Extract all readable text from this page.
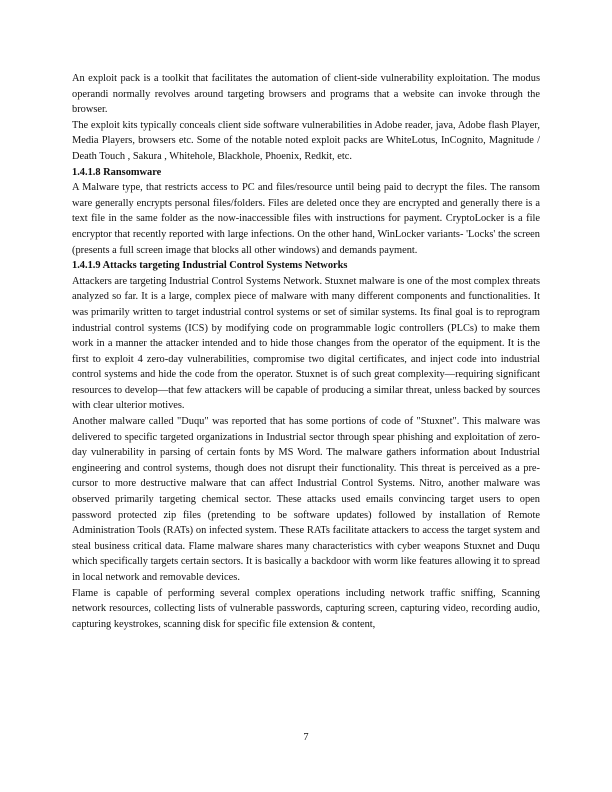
An exploit pack is a toolkit that facilitates the automation of client-side vulnerability exploitation. The modus operandi normally revolves around targeting browsers and programs that a website can invoke through the browser.

The exploit kits typically conceals client side software vulnerabilities in Adobe reader, java, Adobe flash Player, Media Players, browsers etc. Some of the notable noted exploit packs are WhiteLotus, InCognito, Magnitude / Death Touch , Sakura , Whitehole, Blackhole, Phoenix, Redkit, etc.

1.4.1.8 Ransomware

A Malware type, that restricts access to PC and files/resource until being paid to decrypt the files. The ransom ware generally encrypts personal files/folders. Files are deleted once they are encrypted and generally there is a text file in the same folder as the now-inaccessible files with instructions for payment. CryptoLocker is a file encryptor that recently reported with large infections. On the other hand, WinLocker variants- 'Locks' the screen (presents a full screen image that blocks all other windows) and demands payment.

1.4.1.9 Attacks targeting Industrial Control Systems Networks

Attackers are targeting Industrial Control Systems Network. Stuxnet malware is one of the most complex threats analyzed so far. It is a large, complex piece of malware with many different components and functionalities. It was primarily written to target industrial control systems or set of similar systems. Its final goal is to reprogram industrial control systems (ICS) by modifying code on programmable logic controllers (PLCs) to make them work in a manner the attacker intended and to hide those changes from the operator of the equipment. It is the first to exploit 4 zero-day vulnerabilities, compromise two digital certificates, and inject code into industrial control systems and hide the code from the operator. Stuxnet is of such great complexity—requiring significant resources to develop—that few attackers will be capable of producing a similar threat, unless backed by sources with clear ulterior motives.

Another malware called "Duqu" was reported that has some portions of code of "Stuxnet". This malware was delivered to specific targeted organizations in Industrial sector through spear phishing and exploitation of zero-day vulnerability in parsing of certain fonts by MS Word. The malware gathers information about Industrial engineering and control systems, though does not disrupt their functionality. This threat is perceived as a pre-cursor to more destructive malware that can affect Industrial Control Systems. Nitro, another malware was observed primarily targeting chemical sector. These attacks used emails convincing target users to open password protected zip files (pretending to be software updates) followed by installation of Remote Administration Tools (RATs) on infected system. These RATs facilitate attackers to access the target system and steal business critical data. Flame malware shares many characteristics with cyber weapons Stuxnet and Duqu which specifically targets certain sectors. It is basically a backdoor with worm like features allowing it to spread in local network and removable devices.

Flame is capable of performing several complex operations including network traffic sniffing, Scanning network resources, collecting lists of vulnerable passwords, capturing screen, capturing video, recording audio, capturing keystrokes, scanning disk for specific file extension & content,

7
